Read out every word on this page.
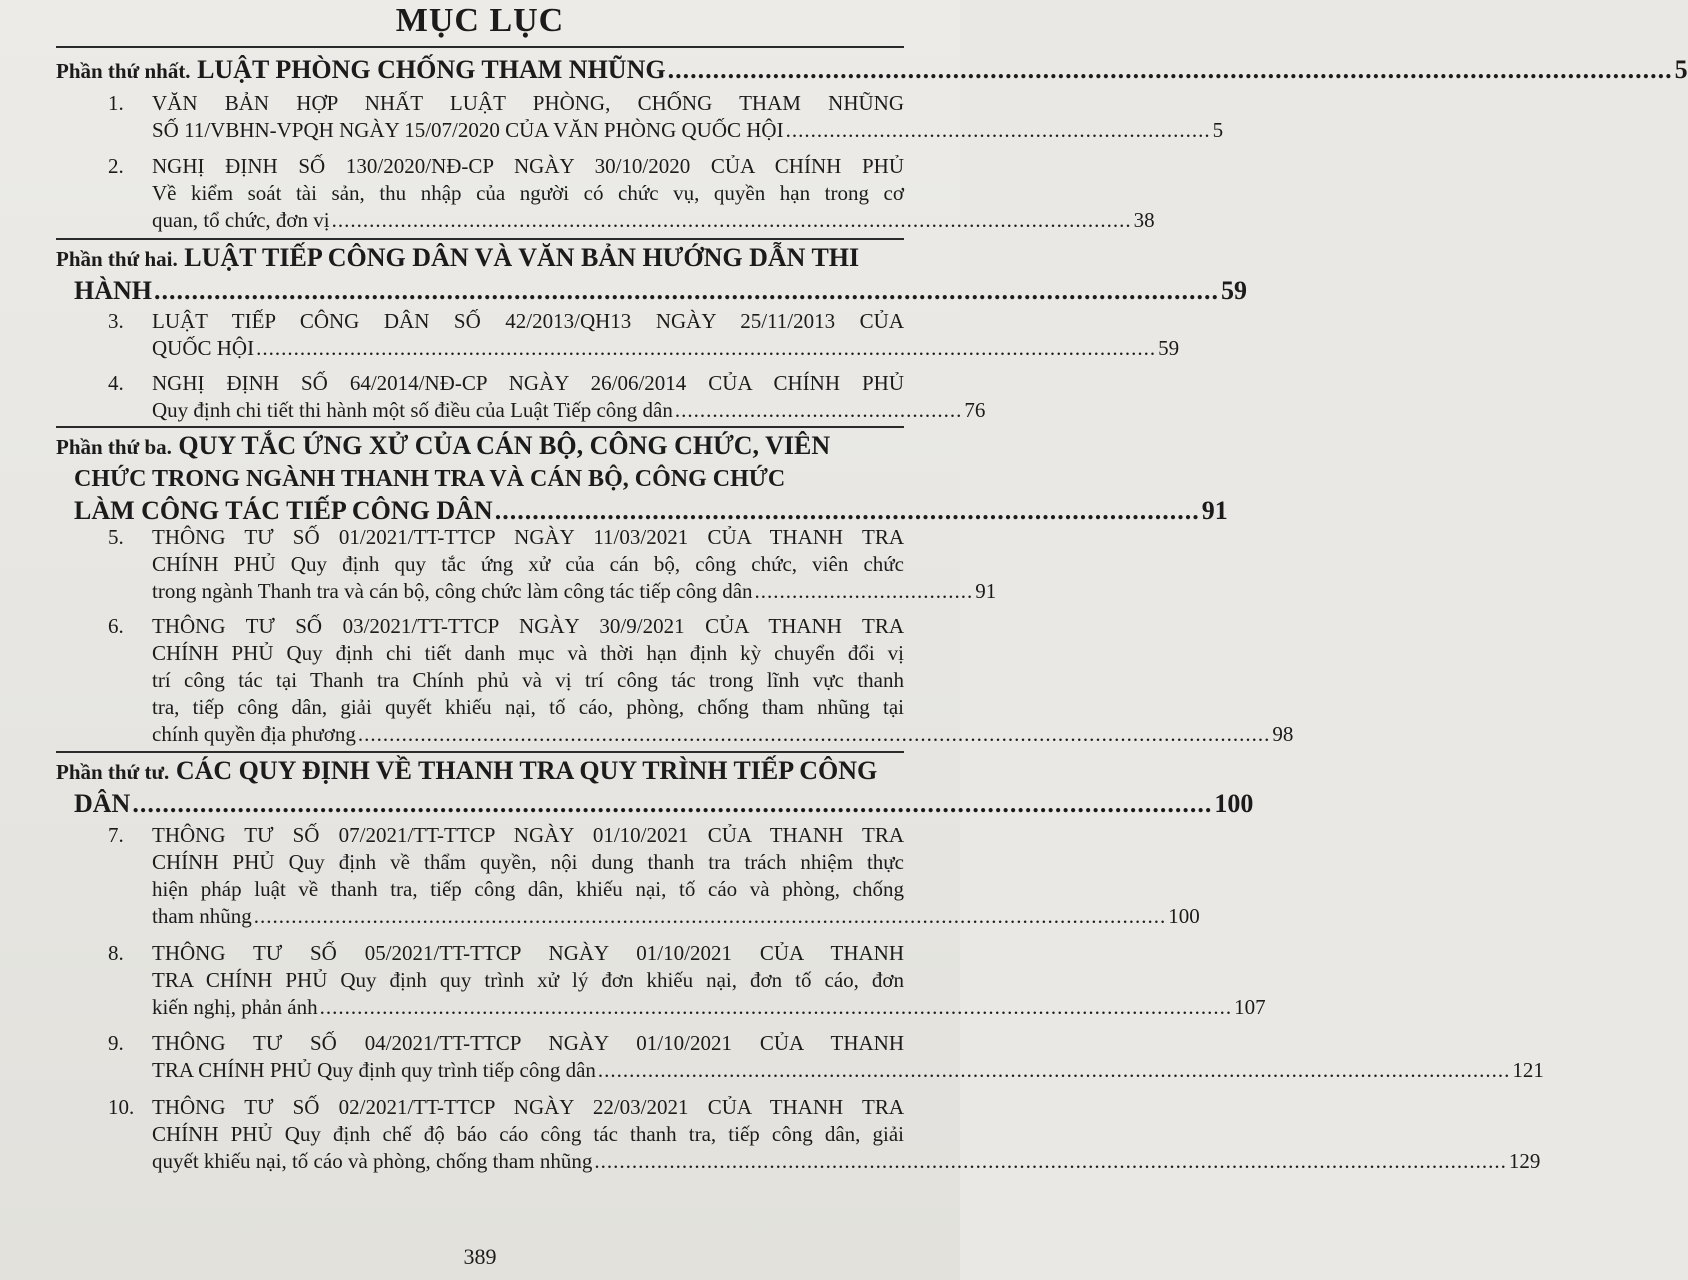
MỤC LỤC
Phần thứ nhất. LUẬT PHÒNG CHỐNG THAM NHŨNG ...................................................................................................................................... 5
1.	VĂN BẢN HỢP NHẤT LUẬT PHÒNG, CHỐNG THAM NHŨNG
SỐ 11/VBHN-VPQH NGÀY 15/07/2020 CỦA VĂN PHÒNG QUỐC HỘI .................................................................... 5
2.	NGHỊ ĐỊNH SỐ 130/2020/NĐ-CP NGÀY 30/10/2020 CỦA CHÍNH PHỦ
Về kiểm soát tài sản, thu nhập của người có chức vụ, quyền hạn trong cơ
quan, tổ chức, đơn vị ................................................................................................................................ 38
Phần thứ hai. LUẬT TIẾP CÔNG DÂN VÀ VĂN BẢN HƯỚNG DẪN THI
HÀNH .............................................................................................................................................. 59
3.	LUẬT TIẾP CÔNG DÂN SỐ 42/2013/QH13 NGÀY 25/11/2013 CỦA
QUỐC HỘI ................................................................................................................................................ 59
4.	NGHỊ ĐỊNH SỐ 64/2014/NĐ-CP NGÀY 26/06/2014 CỦA CHÍNH PHỦ
Quy định chi tiết thi hành một số điều của Luật Tiếp công dân .............................................. 76
Phần thứ ba. QUY TẮC ỨNG XỬ CỦA CÁN BỘ, CÔNG CHỨC, VIÊN
CHỨC TRONG NGÀNH THANH TRA VÀ CÁN BỘ, CÔNG CHỨC
LÀM CÔNG TÁC TIẾP CÔNG DÂN .............................................................................................. 91
5.	THÔNG TƯ SỐ 01/2021/TT-TTCP NGÀY 11/03/2021 CỦA THANH TRA
CHÍNH PHỦ Quy định quy tắc ứng xử của cán bộ, công chức, viên chức
trong ngành Thanh tra và cán bộ, công chức làm công tác tiếp công dân ................................... 91
6.	THÔNG TƯ SỐ 03/2021/TT-TTCP NGÀY 30/9/2021 CỦA THANH TRA
CHÍNH PHỦ Quy định chi tiết danh mục và thời hạn định kỳ chuyển đổi vị
trí công tác tại Thanh tra Chính phủ và vị trí công tác trong lĩnh vực thanh
tra, tiếp công dân, giải quyết khiếu nại, tố cáo, phòng, chống tham nhũng tại
chính quyền địa phương .................................................................................................................................................. 98
Phần thứ tư. CÁC QUY ĐỊNH VỀ THANH TRA QUY TRÌNH TIẾP CÔNG
DÂN ................................................................................................................................................ 100
7.	THÔNG TƯ SỐ 07/2021/TT-TTCP NGÀY 01/10/2021 CỦA THANH TRA
CHÍNH PHỦ Quy định về thẩm quyền, nội dung thanh tra trách nhiệm thực
hiện pháp luật về thanh tra, tiếp công dân, khiếu nại, tố cáo và phòng, chống
tham nhũng .................................................................................................................................................. 100
8.	THÔNG TƯ SỐ 05/2021/TT-TTCP NGÀY 01/10/2021 CỦA THANH
TRA CHÍNH PHỦ Quy định quy trình xử lý đơn khiếu nại, đơn tố cáo, đơn
kiến nghị, phản ánh .................................................................................................................................................. 107
9.	THÔNG TƯ SỐ 04/2021/TT-TTCP NGÀY 01/10/2021 CỦA THANH
TRA CHÍNH PHỦ Quy định quy trình tiếp công dân .................................................................................................................................................. 121
10. THÔNG TƯ SỐ 02/2021/TT-TTCP NGÀY 22/03/2021 CỦA THANH TRA
CHÍNH PHỦ Quy định chế độ báo cáo công tác thanh tra, tiếp công dân, giải
quyết khiếu nại, tố cáo và phòng, chống tham nhũng .................................................................................................................................................. 129
389
